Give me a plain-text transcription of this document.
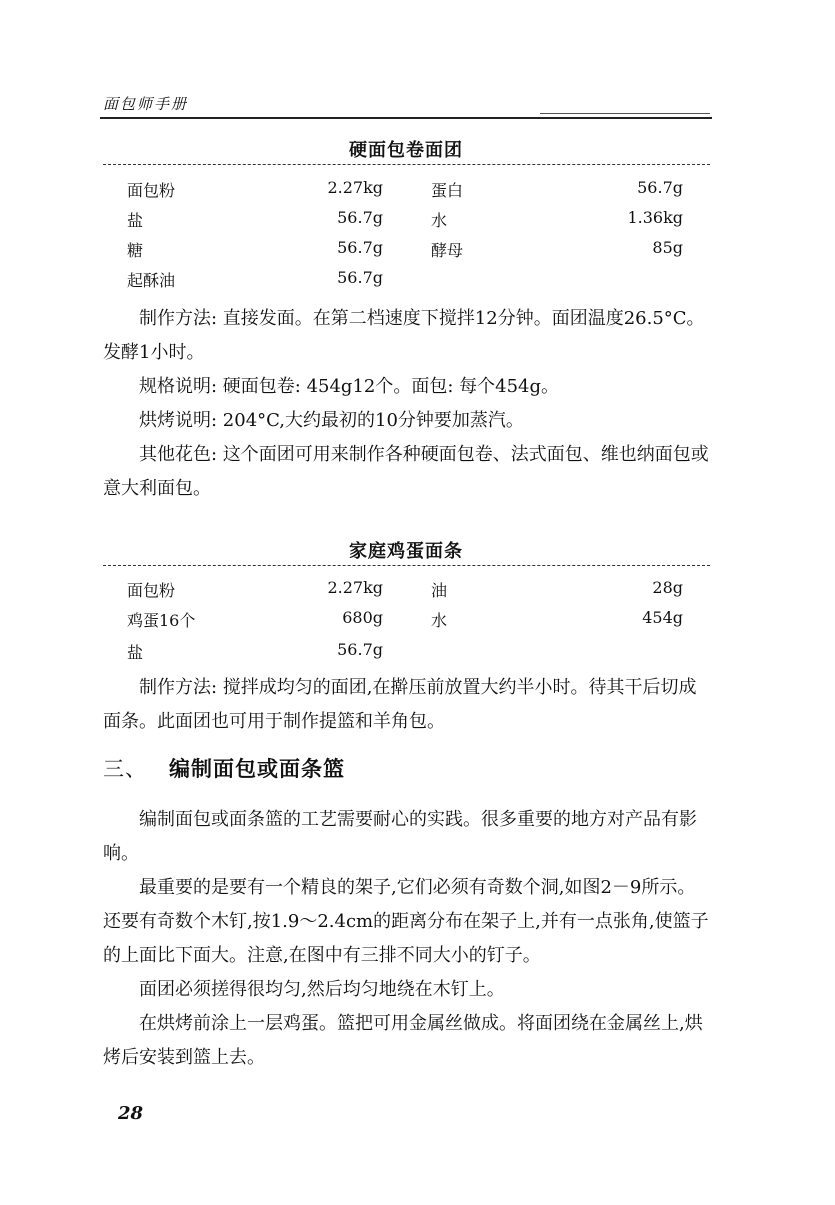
面包师手册
硬面包卷面团
面包粉	2.27kg	蛋白	56.7g
盐	56.7g	水	1.36kg
糖	56.7g	酵母	85g
起酥油	56.7g

制作方法: 直接发面。在第二档速度下搅拌12分钟。面团温度26.5°C。发酵1小时。

规格说明: 硬面包卷: 454g12个。面包: 每个454g。

烘烤说明: 204°C,大约最初的10分钟要加蒸汽。

其他花色: 这个面团可用来制作各种硬面包卷、法式面包、维也纳面包或意大利面包。

家庭鸡蛋面条
面包粉	2.27kg	油	28g
鸡蛋16个	680g	水	454g
盐	56.7g

制作方法: 搅拌成均匀的面团,在擀压前放置大约半小时。待其干后切成面条。此面团也可用于制作提篮和羊角包。

三、 编制面包或面条篮

编制面包或面条篮的工艺需要耐心的实践。很多重要的地方对产品有影响。

最重要的是要有一个精良的架子,它们必须有奇数个洞,如图2－9所示。还要有奇数个木钉,按1.9～2.4cm的距离分布在架子上,并有一点张角,使篮子的上面比下面大。注意,在图中有三排不同大小的钉子。

面团必须搓得很均匀,然后均匀地绕在木钉上。

在烘烤前涂上一层鸡蛋。篮把可用金属丝做成。将面团绕在金属丝上,烘烤后安装到篮上去。

28
